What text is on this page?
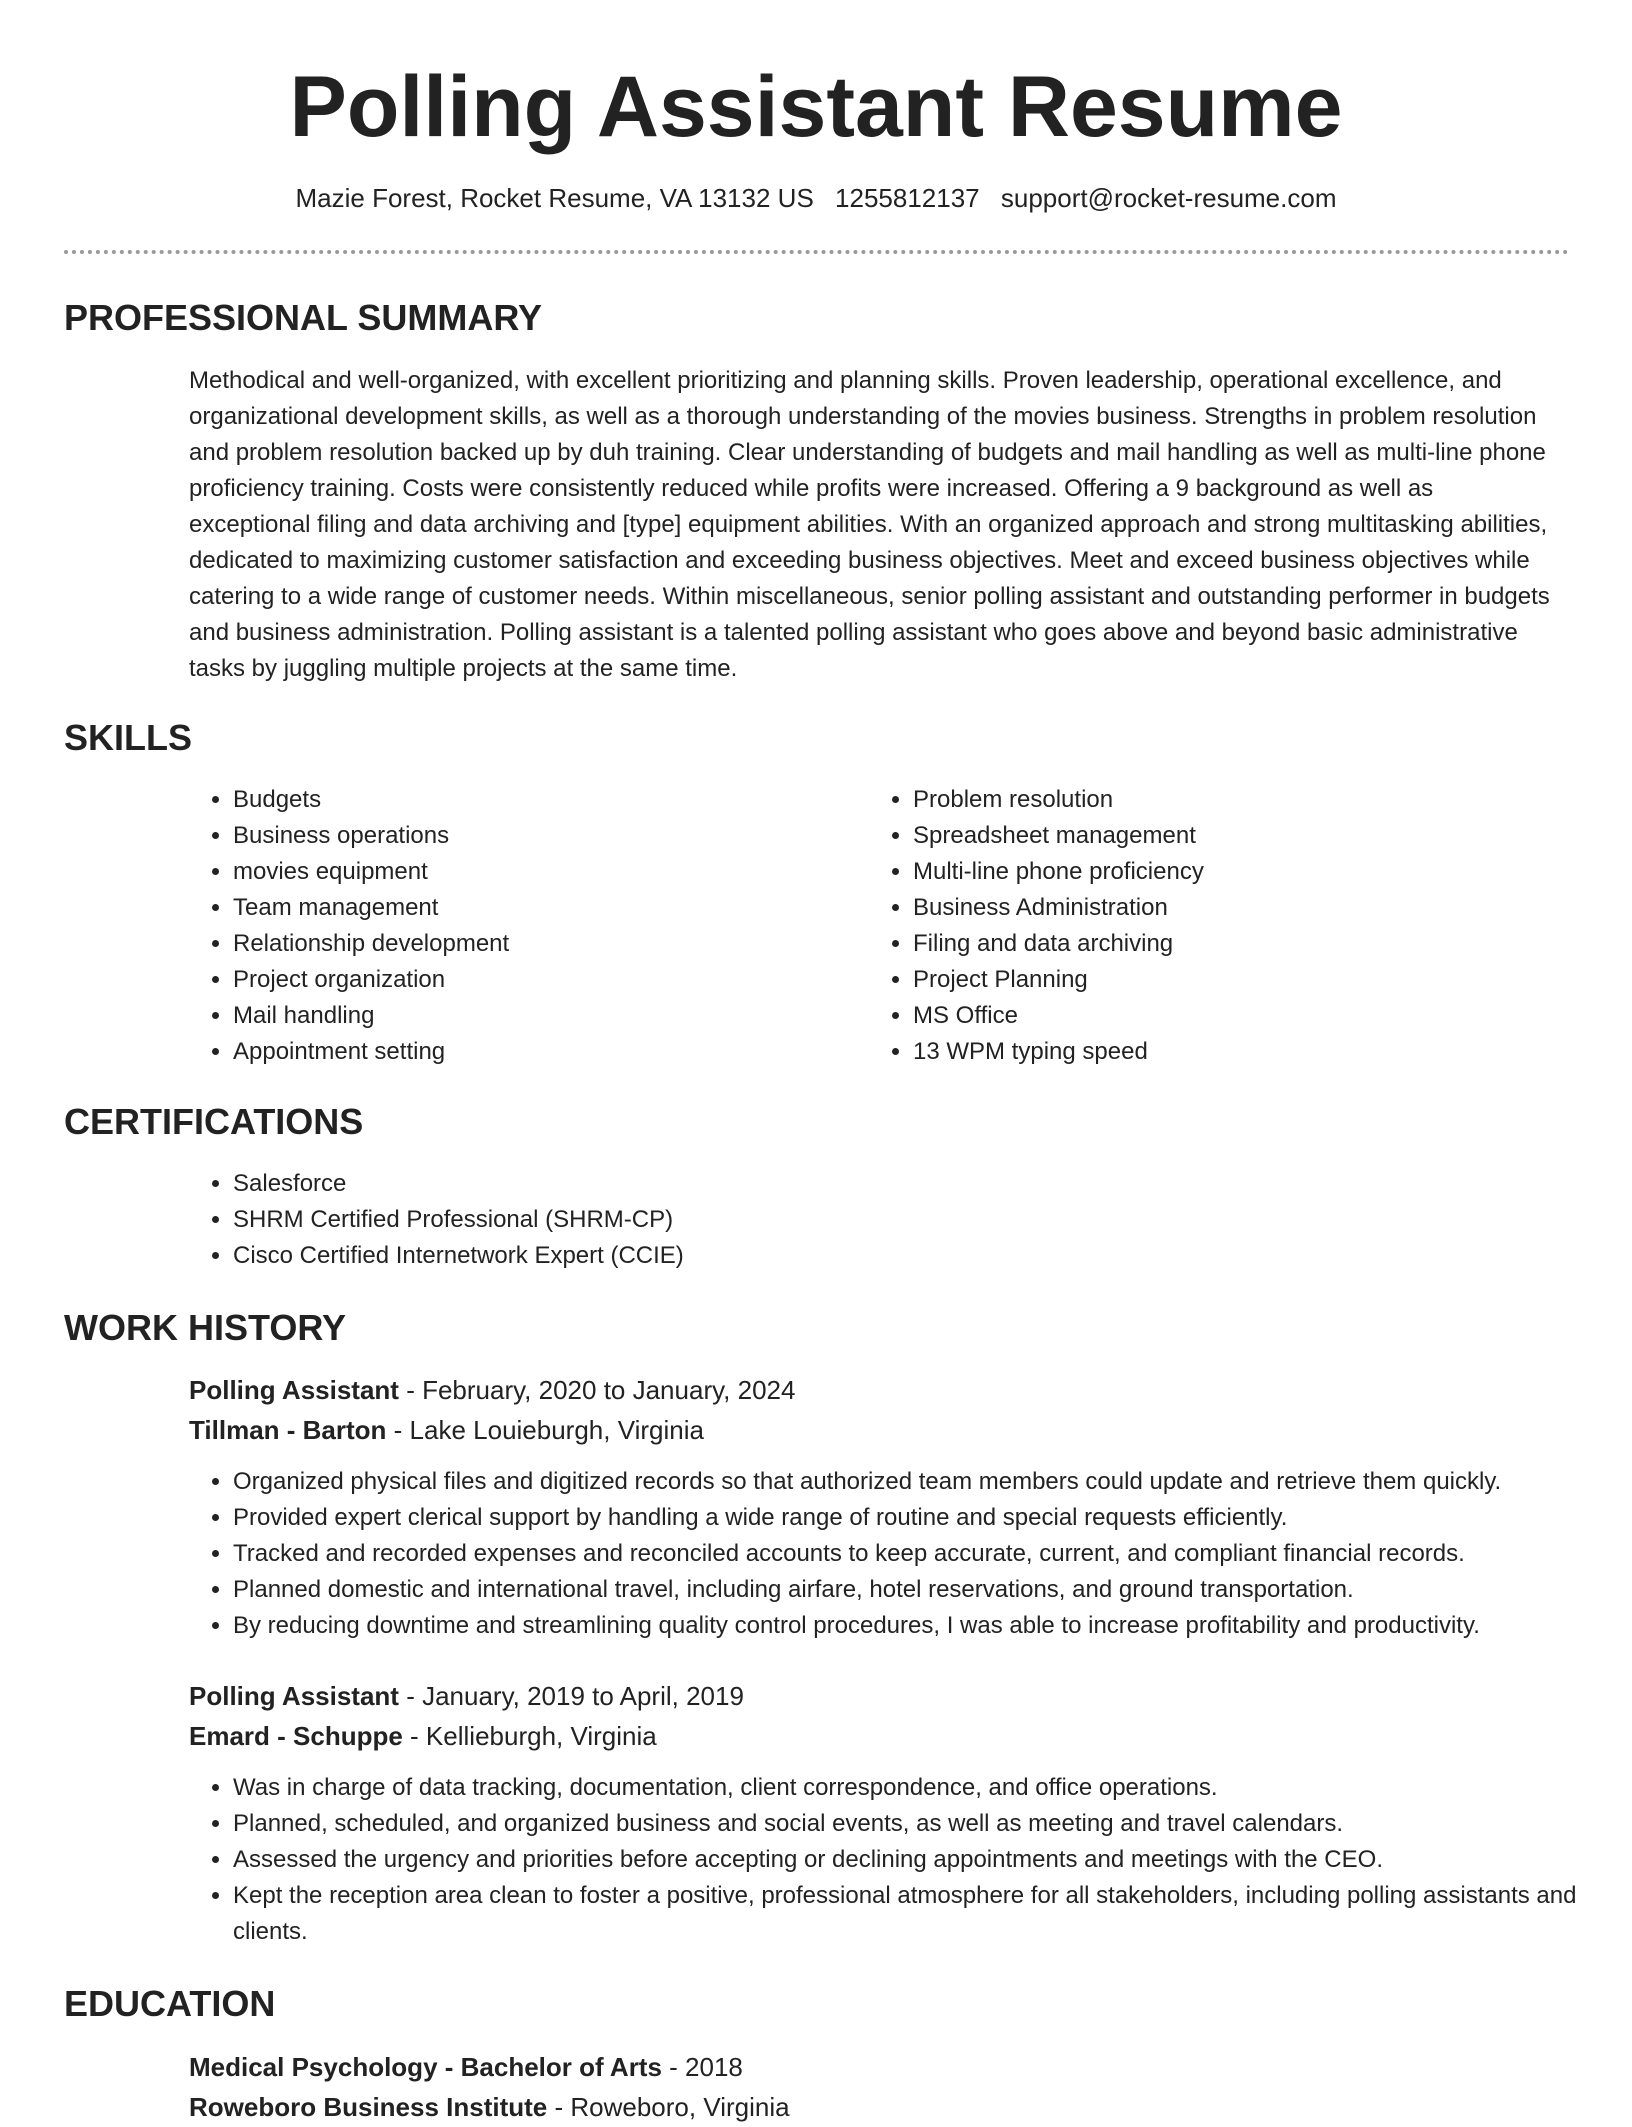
Polling Assistant Resume
Mazie Forest, Rocket Resume, VA 13132 US 1255812137 support@rocket-resume.com
PROFESSIONAL SUMMARY

Methodical and well-organized, with excellent prioritizing and planning skills. Proven leadership, operational excellence, and organizational development skills, as well as a thorough understanding of the movies business. Strengths in problem resolution and problem resolution backed up by duh training. Clear understanding of budgets and mail handling as well as multi-line phone proficiency training. Costs were consistently reduced while profits were increased. Offering a 9 background as well as exceptional filing and data archiving and [type] equipment abilities. With an organized approach and strong multitasking abilities, dedicated to maximizing customer satisfaction and exceeding business objectives. Meet and exceed business objectives while catering to a wide range of customer needs. Within miscellaneous, senior polling assistant and outstanding performer in budgets and business administration. Polling assistant is a talented polling assistant who goes above and beyond basic administrative tasks by juggling multiple projects at the same time.

SKILLS
• Budgets
• Business operations
• movies equipment
• Team management
• Relationship development
• Project organization
• Mail handling
• Appointment setting
• Problem resolution
• Spreadsheet management
• Multi-line phone proficiency
• Business Administration
• Filing and data archiving
• Project Planning
• MS Office
• 13 WPM typing speed
CERTIFICATIONS
• Salesforce
• SHRM Certified Professional (SHRM-CP)
• Cisco Certified Internetwork Expert (CCIE)
WORK HISTORY
Polling Assistant - February, 2020 to January, 2024
Tillman - Barton - Lake Louieburgh, Virginia
• Organized physical files and digitized records so that authorized team members could update and retrieve them quickly.
• Provided expert clerical support by handling a wide range of routine and special requests efficiently.
• Tracked and recorded expenses and reconciled accounts to keep accurate, current, and compliant financial records.
• Planned domestic and international travel, including airfare, hotel reservations, and ground transportation.
• By reducing downtime and streamlining quality control procedures, I was able to increase profitability and productivity.
Polling Assistant - January, 2019 to April, 2019
Emard - Schuppe - Kellieburgh, Virginia
• Was in charge of data tracking, documentation, client correspondence, and office operations.
• Planned, scheduled, and organized business and social events, as well as meeting and travel calendars.
• Assessed the urgency and priorities before accepting or declining appointments and meetings with the CEO.
• Kept the reception area clean to foster a positive, professional atmosphere for all stakeholders, including polling assistants and clients.
EDUCATION
Medical Psychology - Bachelor of Arts - 2018
Roweboro Business Institute - Roweboro, Virginia
